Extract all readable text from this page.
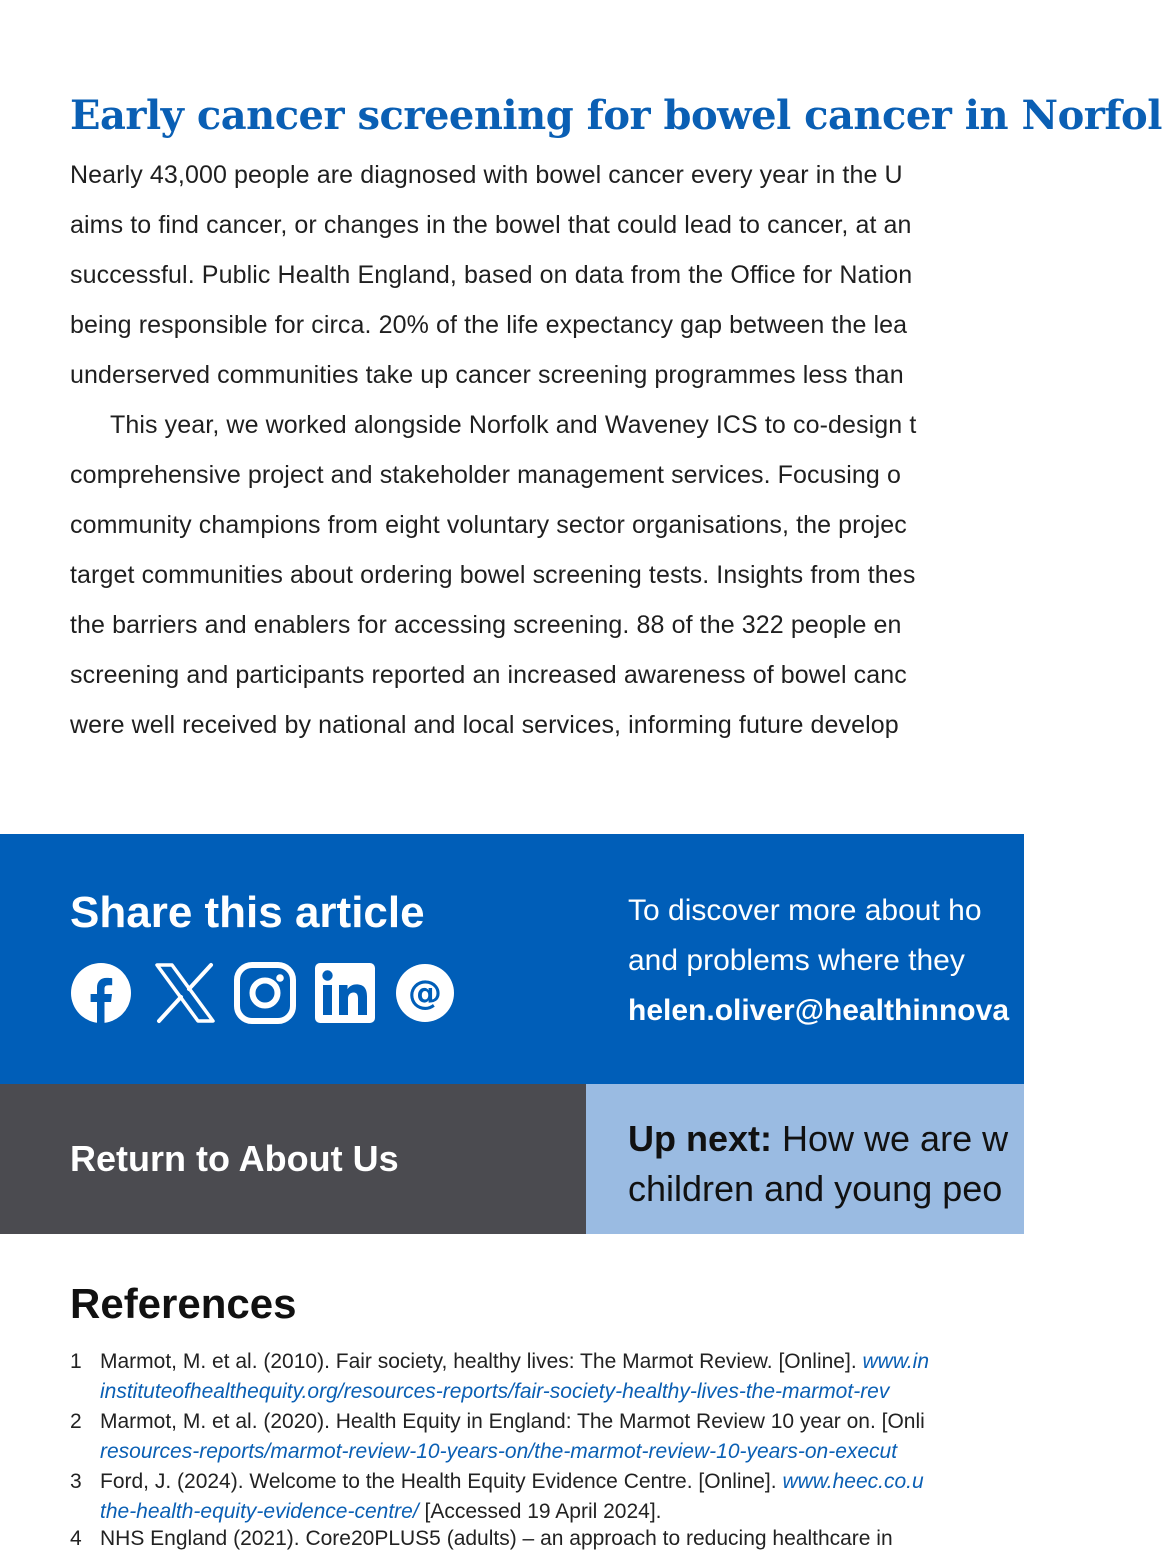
Early cancer screening for bowel cancer in Norfol
Nearly 43,000 people are diagnosed with bowel cancer every year in the U
aims to find cancer, or changes in the bowel that could lead to cancer, at an
successful. Public Health England, based on data from the Office for Nation
being responsible for circa. 20% of the life expectancy gap between the lea
underserved communities take up cancer screening programmes less than
This year, we worked alongside Norfolk and Waveney ICS to co-design t
comprehensive project and stakeholder management services. Focusing o
community champions from eight voluntary sector organisations, the projec
target communities about ordering bowel screening tests. Insights from thes
the barriers and enablers for accessing screening. 88 of the 322 people en
screening and participants reported an increased awareness of bowel canc
were well received by national and local services, informing future develop
Share this article
@
To discover more about ho
and problems where they
helen.oliver@healthinnova
Return to About Us	Up next: How we are w
children and young peo
References
1 Marmot, M. et al. (2010). Fair society, healthy lives: The Marmot Review. [Online]. www.in
instituteofhealthequity.org/resources-reports/fair-society-healthy-lives-the-marmot-rev
2 Marmot, M. et al. (2020). Health Equity in England: The Marmot Review 10 year on. [Onli
resources-reports/marmot-review-10-years-on/the-marmot-review-10-years-on-execut
3 Ford, J. (2024). Welcome to the Health Equity Evidence Centre. [Online]. www.heec.co.u
the-health-equity-evidence-centre/ [Accessed 19 April 2024].
4 NHS England (2021). Core20PLUS5 (adults) – an approach to reducing healthcare in
